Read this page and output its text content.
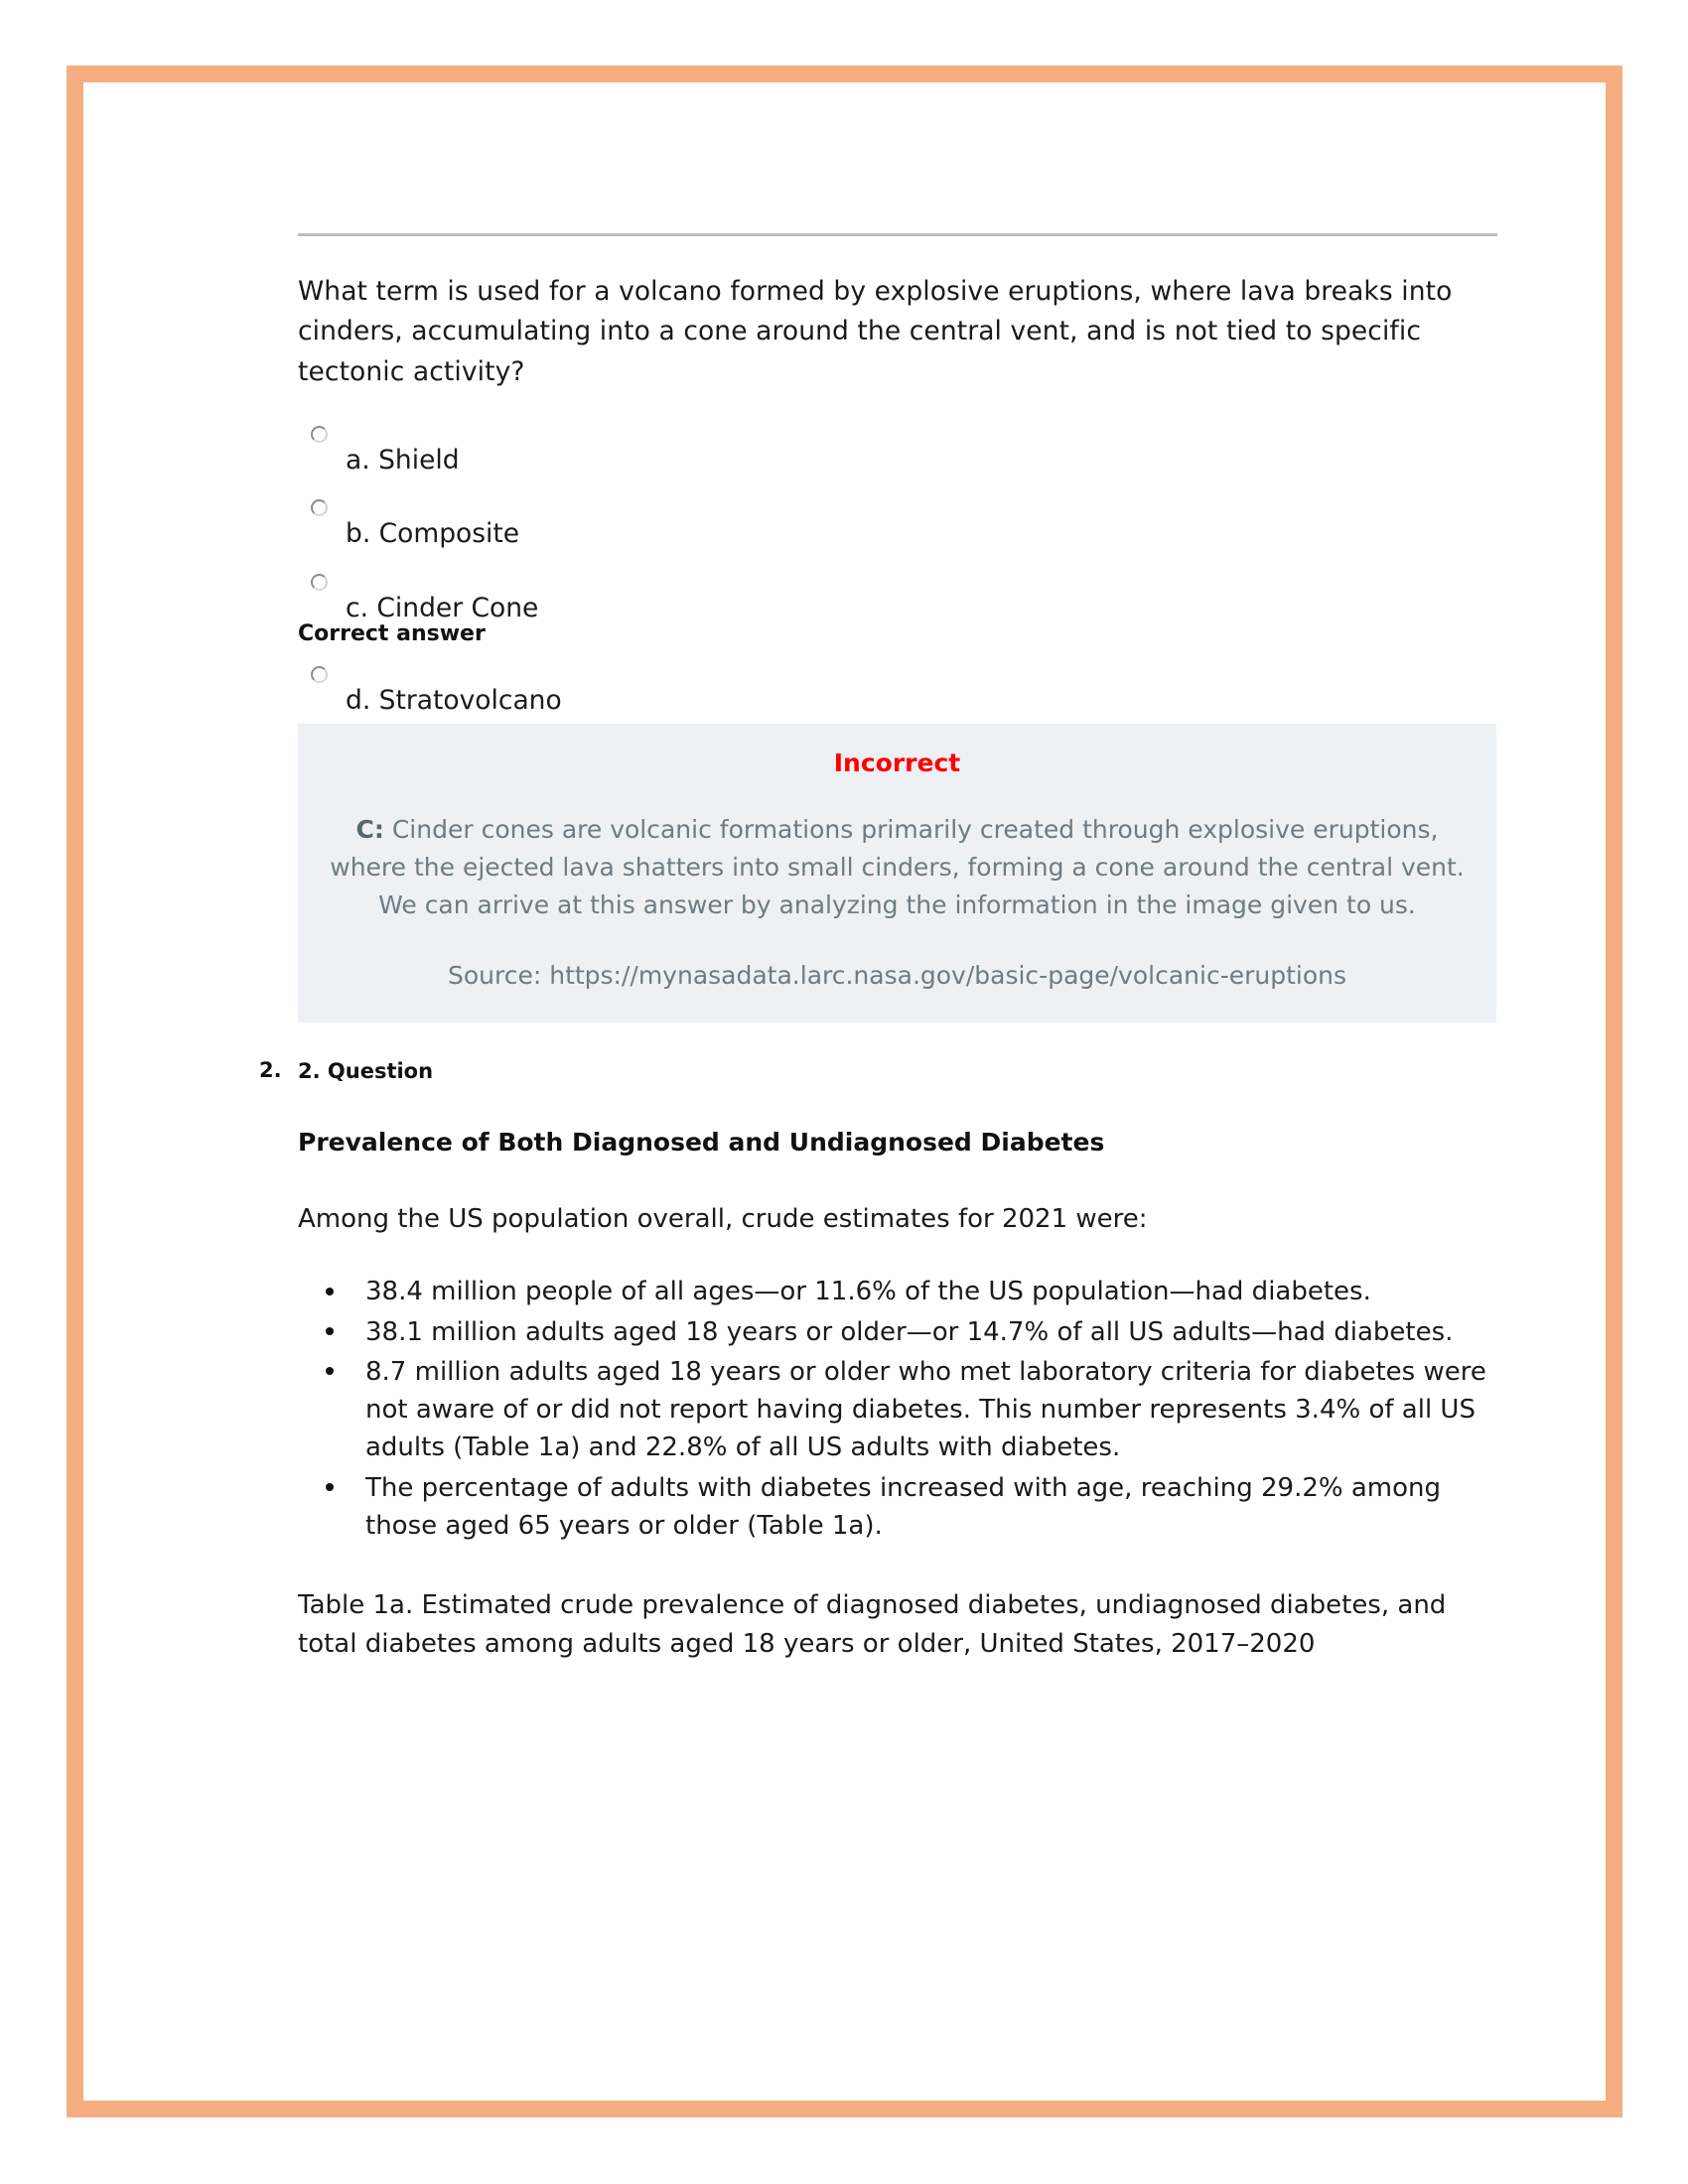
What term is used for a volcano formed by explosive eruptions, where lava breaks into cinders, accumulating into a cone around the central vent, and is not tied to specific tectonic activity?

a. Shield
b. Composite
c. Cinder Cone
Correct answer
d. Stratovolcano
Incorrect
C: Cinder cones are volcanic formations primarily created through explosive eruptions, where the ejected lava shatters into small cinders, forming a cone around the central vent. We can arrive at this answer by analyzing the information in the image given to us.
Source: https://mynasadata.larc.nasa.gov/basic-page/volcanic-eruptions
2. 2. Question

Prevalence of Both Diagnosed and Undiagnosed Diabetes

Among the US population overall, crude estimates for 2021 were:

38.4 million people of all ages—or 11.6% of the US population—had diabetes.
38.1 million adults aged 18 years or older—or 14.7% of all US adults—had diabetes.
8.7 million adults aged 18 years or older who met laboratory criteria for diabetes were not aware of or did not report having diabetes. This number represents 3.4% of all US adults (Table 1a) and 22.8% of all US adults with diabetes.
The percentage of adults with diabetes increased with age, reaching 29.2% among those aged 65 years or older (Table 1a).

Table 1a. Estimated crude prevalence of diagnosed diabetes, undiagnosed diabetes, and total diabetes among adults aged 18 years or older, United States, 2017–2020
